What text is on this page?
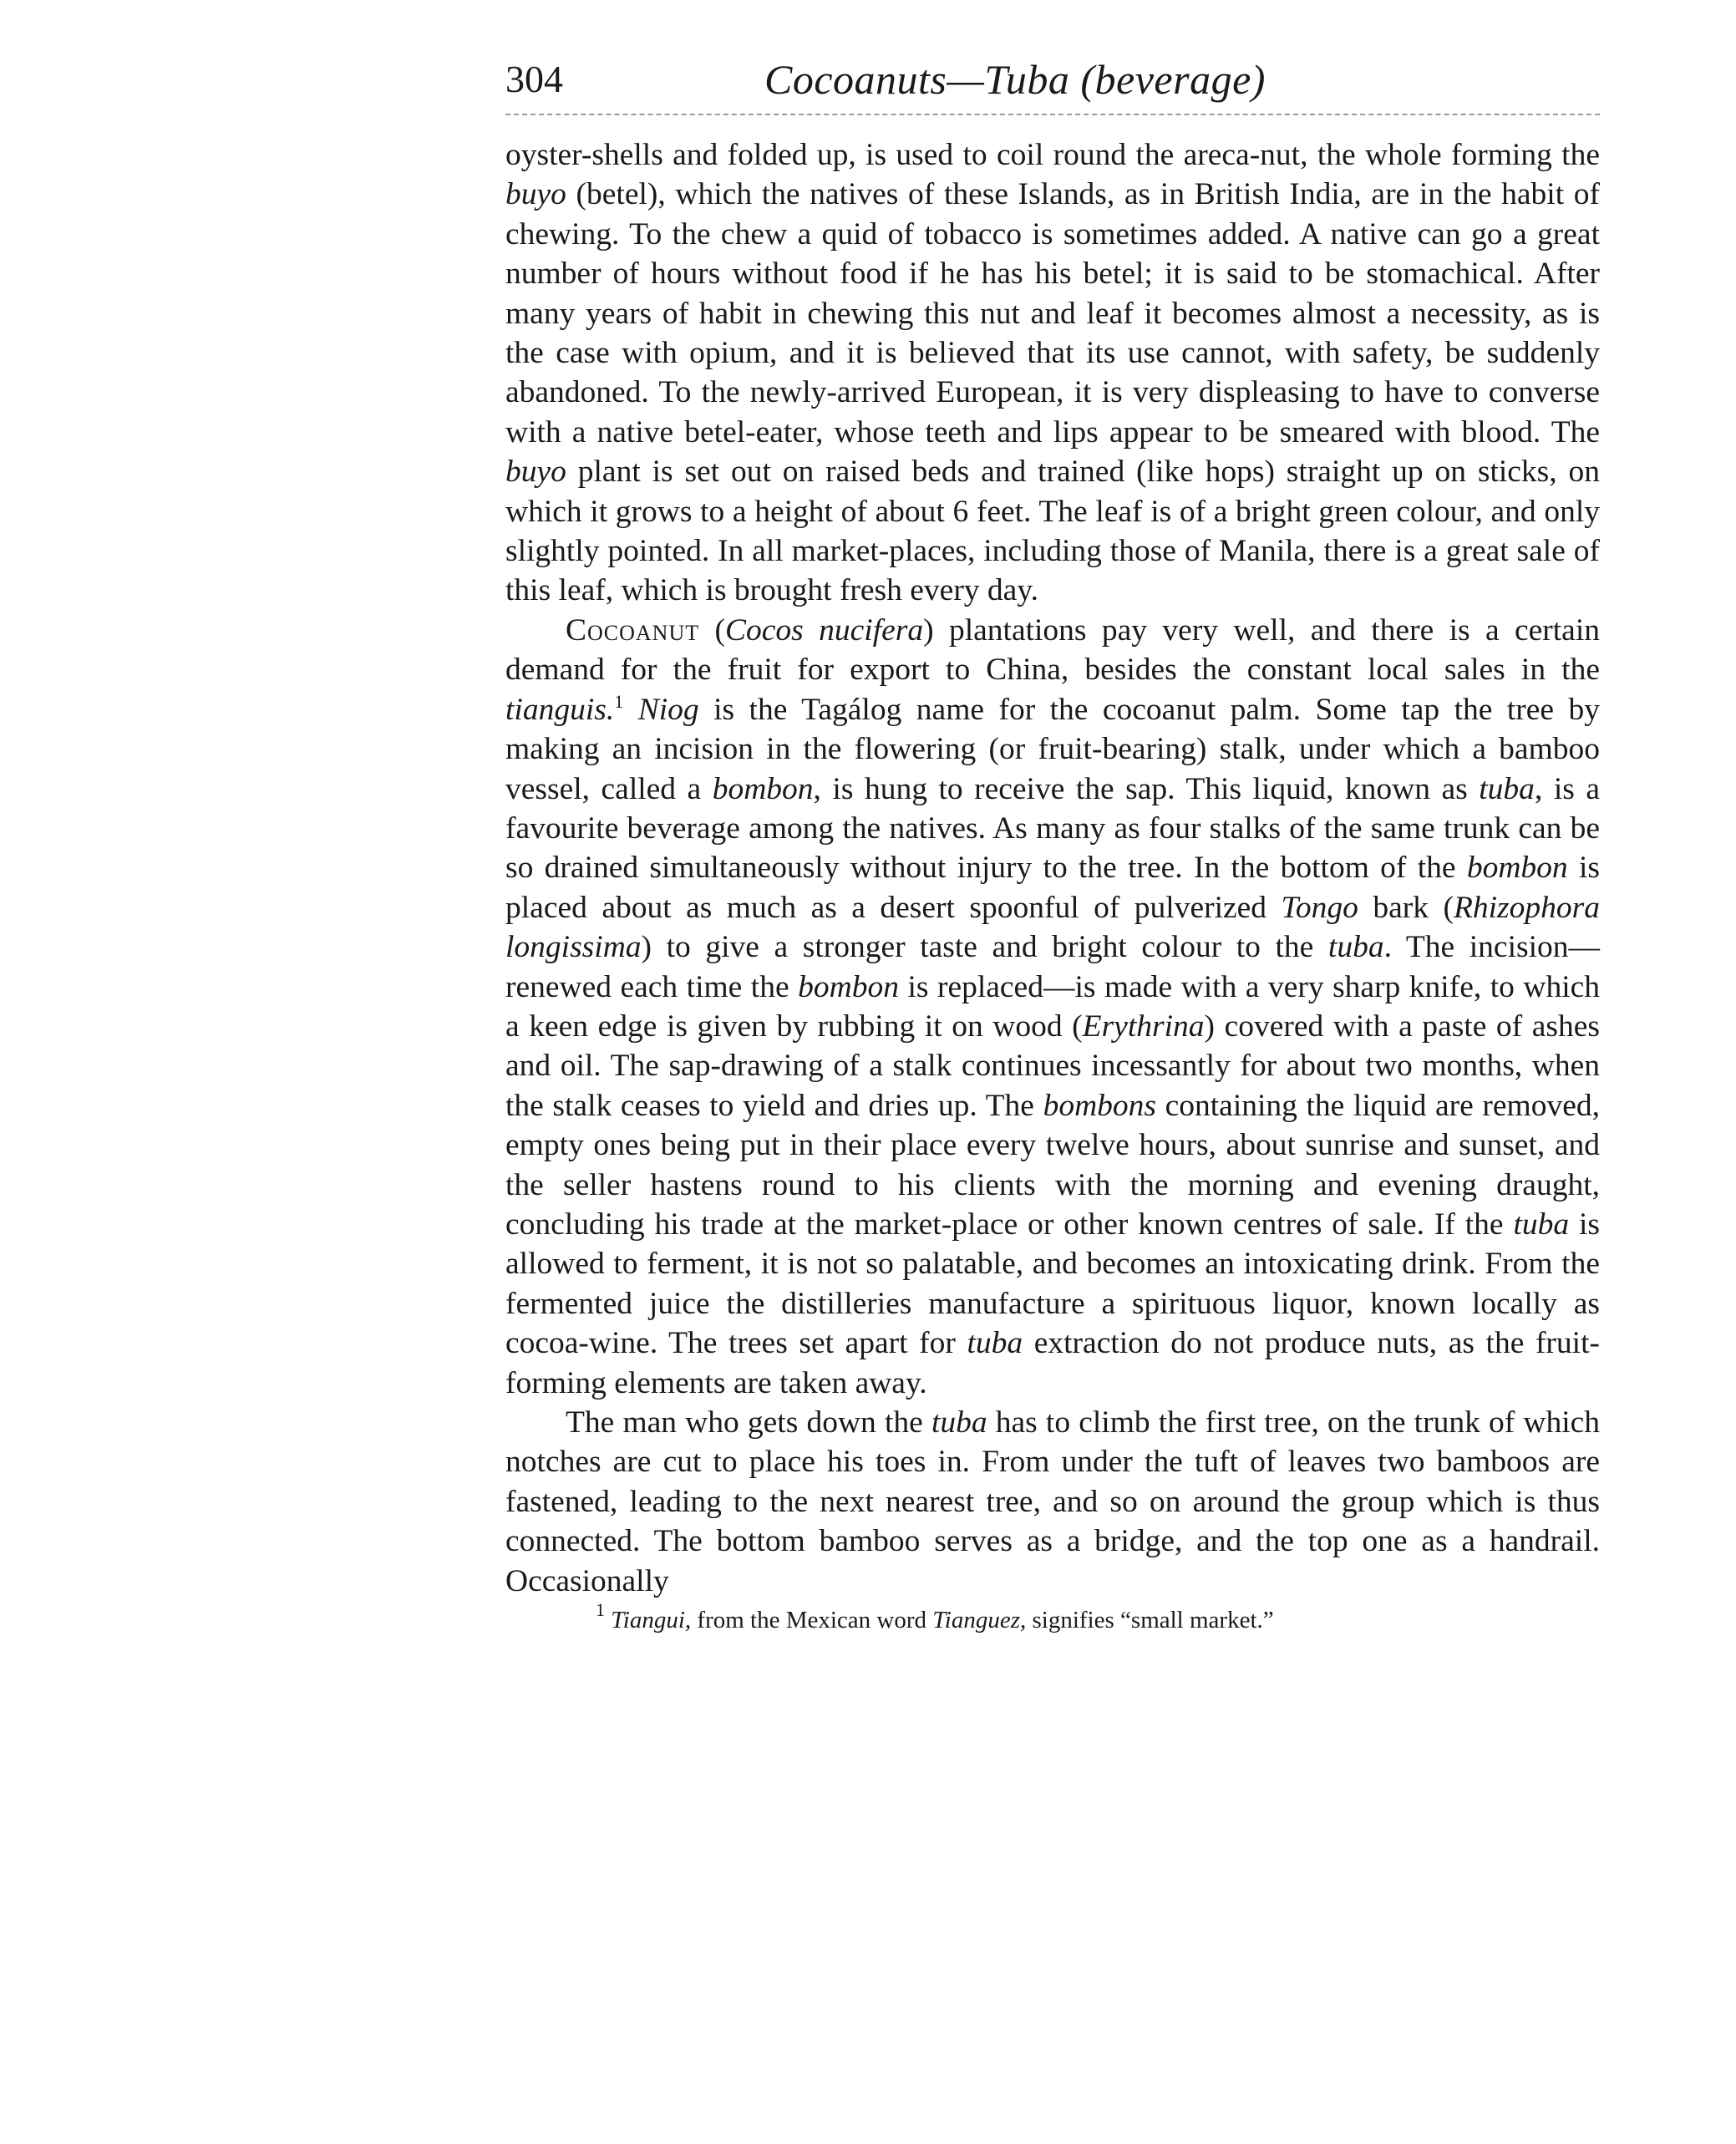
304	Cocoanuts—Tuba (beverage)

oyster-shells and folded up, is used to coil round the areca-nut, the whole forming the buyo (betel), which the natives of these Islands, as in British India, are in the habit of chewing. To the chew a quid of tobacco is sometimes added. A native can go a great number of hours without food if he has his betel; it is said to be stomachical. After many years of habit in chewing this nut and leaf it becomes almost a necessity, as is the case with opium, and it is believed that its use cannot, with safety, be suddenly abandoned. To the newly-arrived European, it is very displeasing to have to converse with a native betel-eater, whose teeth and lips appear to be smeared with blood. The buyo plant is set out on raised beds and trained (like hops) straight up on sticks, on which it grows to a height of about 6 feet. The leaf is of a bright green colour, and only slightly pointed. In all market-places, including those of Manila, there is a great sale of this leaf, which is brought fresh every day.

Cocoanut (Cocos nucifera) plantations pay very well, and there is a certain demand for the fruit for export to China, besides the constant local sales in the tianguis.$^1$ Niog is the Tagálog name for the cocoanut palm. Some tap the tree by making an incision in the flowering (or fruit-bearing) stalk, under which a bamboo vessel, called a bombon, is hung to receive the sap. This liquid, known as tuba, is a favourite beverage among the natives. As many as four stalks of the same trunk can be so drained simultaneously without injury to the tree. In the bottom of the bombon is placed about as much as a desert spoonful of pulverized Tongo bark (Rhizophora longissima) to give a stronger taste and bright colour to the tuba. The incision—renewed each time the bombon is replaced—is made with a very sharp knife, to which a keen edge is given by rubbing it on wood (Erythrina) covered with a paste of ashes and oil. The sap-drawing of a stalk continues incessantly for about two months, when the stalk ceases to yield and dries up. The bombons containing the liquid are removed, empty ones being put in their place every twelve hours, about sunrise and sunset, and the seller hastens round to his clients with the morning and evening draught, concluding his trade at the market-place or other known centres of sale. If the tuba is allowed to ferment, it is not so palatable, and becomes an intoxicating drink. From the fermented juice the distilleries manufacture a spirituous liquor, known locally as cocoa-wine. The trees set apart for tuba extraction do not produce nuts, as the fruit-forming elements are taken away.

The man who gets down the tuba has to climb the first tree, on the trunk of which notches are cut to place his toes in. From under the tuft of leaves two bamboos are fastened, leading to the next nearest tree, and so on around the group which is thus connected. The bottom bamboo serves as a bridge, and the top one as a handrail. Occasionally

$^1$ Tiangui, from the Mexican word Tianguez, signifies “small market.”
